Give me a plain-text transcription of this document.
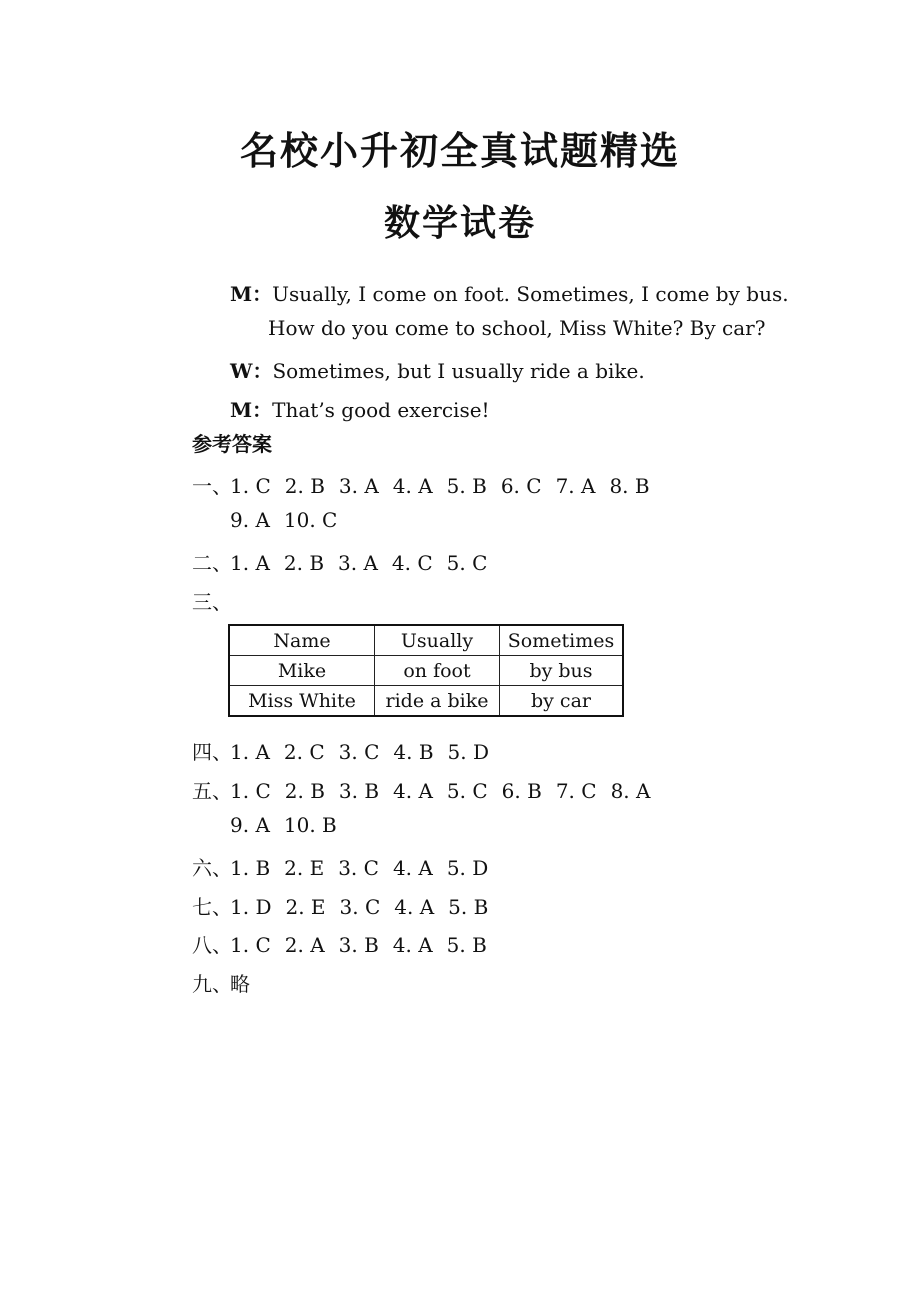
名校小升初全真试题精选
数学试卷
M：Usually, I come on foot. Sometimes, I come by bus.
How do you come to school, Miss White? By car?
W：Sometimes, but I usually ride a bike.
M：That’s good exercise!
参考答案
一、
1. C 2. B 3. A 4. A 5. B 6. C 7. A 8. B
9. A 10. C
二、
1. A 2. B 3. A 4. C 5. C
三、
Name	Usually	Sometimes
Mike	on foot	by bus
Miss White	ride a bike	by car
四、
1. A 2. C 3. C 4. B 5. D
五、
1. C 2. B 3. B 4. A 5. C 6. B 7. C 8. A
9. A 10. B
六、
1. B 2. E 3. C 4. A 5. D
七、
1. D 2. E 3. C 4. A 5. B
八、
1. C 2. A 3. B 4. A 5. B
九、
略
